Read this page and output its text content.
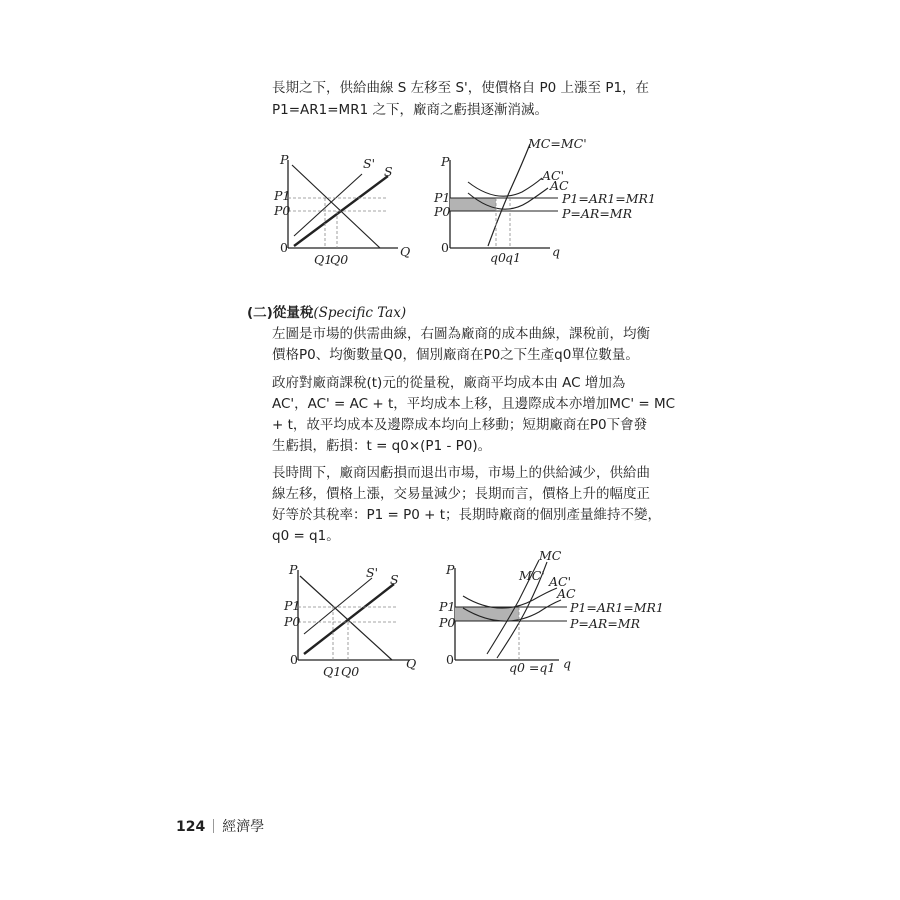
長期之下，供給曲線 S 左移至 S'，使價格自 P0 上漲至 P1，在
P1=AR1=MR1 之下，廠商之虧損逐漸消滅。
P
P1
P0
0
Q1
Q0
Q
S'
S
P
P1
P0
0
q0 q1 q
MC=MC'
AC'
AC
P1=AR1=MR1
P=AR=MR
(二)從量稅(Specific Tax)
左圖是市場的供需曲線，右圖為廠商的成本曲線，課稅前，均衡
價格P0、均衡數量Q0，個別廠商在P0之下生產q0單位數量。
政府對廠商課稅(t)元的從量稅，廠商平均成本由 AC 增加為
AC'，AC' = AC + t，平均成本上移，且邊際成本亦增加MC' = MC
+ t，故平均成本及邊際成本均向上移動；短期廠商在P0下會發
生虧損，虧損：t = q0×(P1 - P0)。
長時間下，廠商因虧損而退出市場，市場上的供給減少，供給曲
線左移，價格上漲，交易量減少；長期而言，價格上升的幅度正
好等於其稅率：P1 = P0 + t；長期時廠商的個別產量維持不變，
q0 = q1。
P
P1
P0
0
Q1 Q0
Q
S' S
P
P1
P0
0
q0 =q1 q
MC
MC' AC'
AC
P1=AR1=MR1
P=AR=MR
124 經濟學
